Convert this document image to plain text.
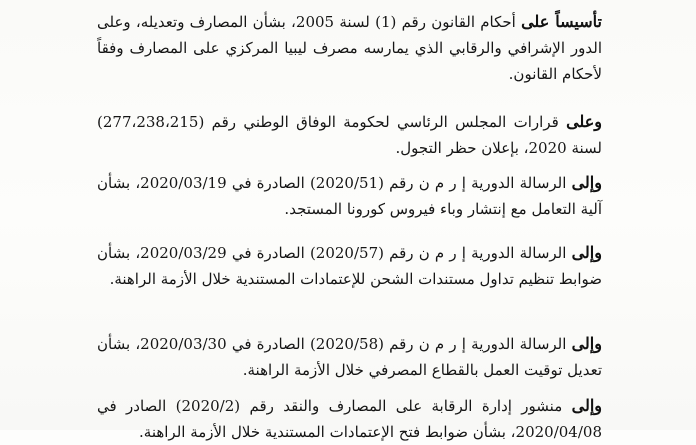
تأسيساً على أحكام القانون رقم (1) لسنة 2005، بشأن المصارف وتعديله، وعلى الدور الإشرافي والرقابي الذي يمارسه مصرف ليبيا المركزي على المصارف وفقاً لأحكام القانون.

وعلى قرارات المجلس الرئاسي لحكومة الوفاق الوطني رقم (277،238،215) لسنة 2020، بإعلان حظر التجول.

وإلى الرسالة الدورية إ ر م ن رقم (2020/51) الصادرة في 2020/03/19، بشأن آلية التعامل مع إنتشار وباء فيروس كورونا المستجد.

وإلى الرسالة الدورية إ ر م ن رقم (2020/57) الصادرة في 2020/03/29، بشأن ضوابط تنظيم تداول مستندات الشحن للإعتمادات المستندية خلال الأزمة الراهنة.

وإلى الرسالة الدورية إ ر م ن رقم (2020/58) الصادرة في 2020/03/30، بشأن تعديل توقيت العمل بالقطاع المصرفي خلال الأزمة الراهنة.

وإلى منشور إدارة الرقابة على المصارف والنقد رقم (2020/2) الصادر في 2020/04/08، بشأن ضوابط فتح الإعتمادات المستندية خلال الأزمة الراهنة.
